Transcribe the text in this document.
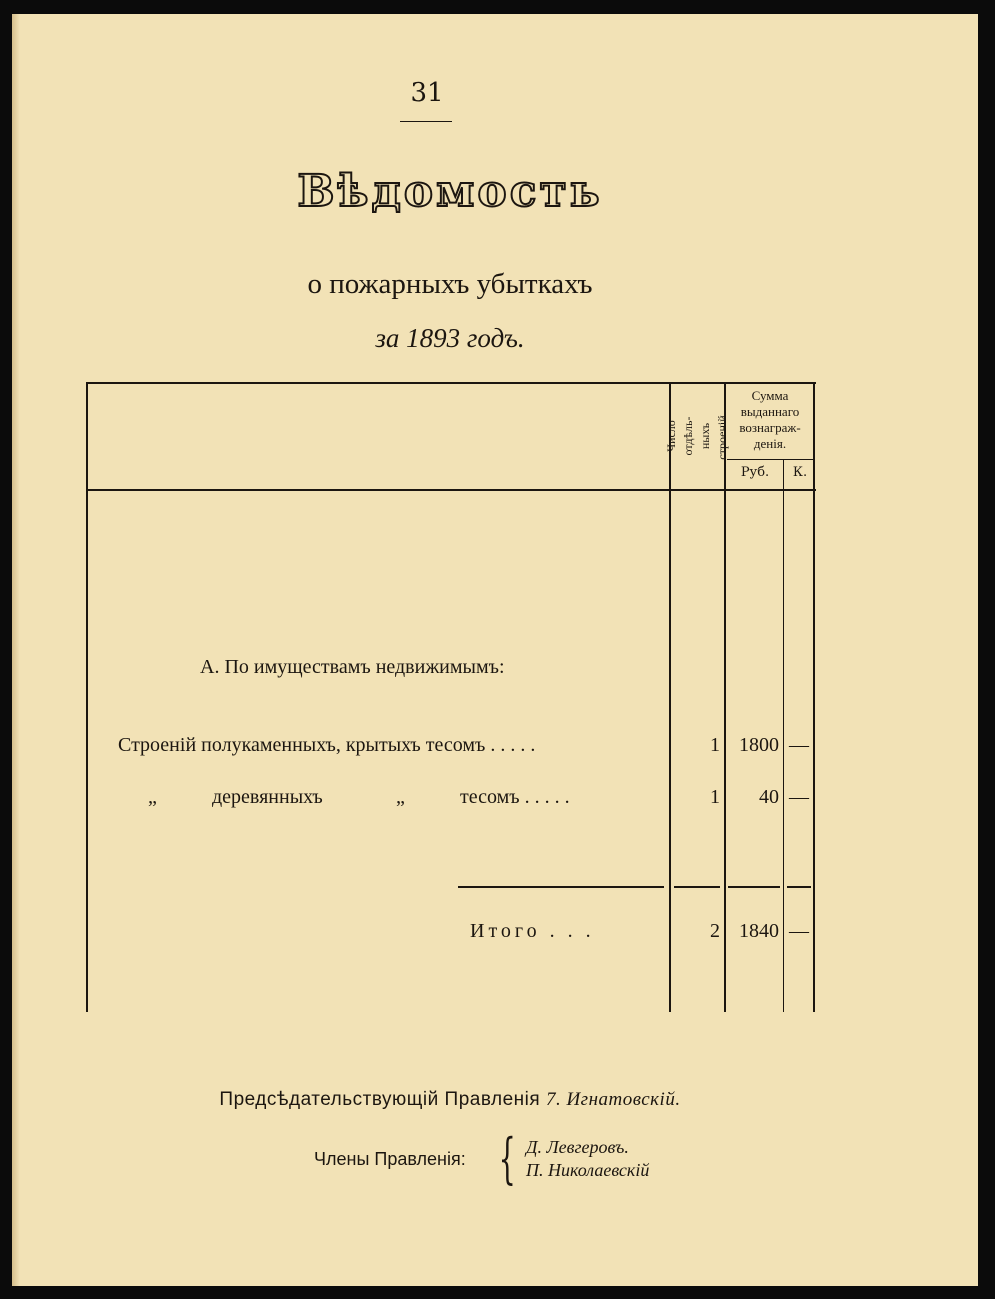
31
Вѣдомость
о пожарныхъ убыткахъ
за 1893 годъ.
Число отдѣль-
ныхъ строеній.
Сумма
выданнаго
вознаграж-
денія.
Руб.	К.
А. По имуществамъ недвижимымъ:
Строеній полукаменныхъ, крытыхъ тесомъ . . . . .	1 1800 —
„	деревянныхъ	„	тесомъ . . . . .	1	40 —
Итого . . .	2 1840 —
Предсѣдательствующій Правленія 7. Игнатовскій.
Члены Правленія: { Д. Левгеровъ.
П. Николаевскій
